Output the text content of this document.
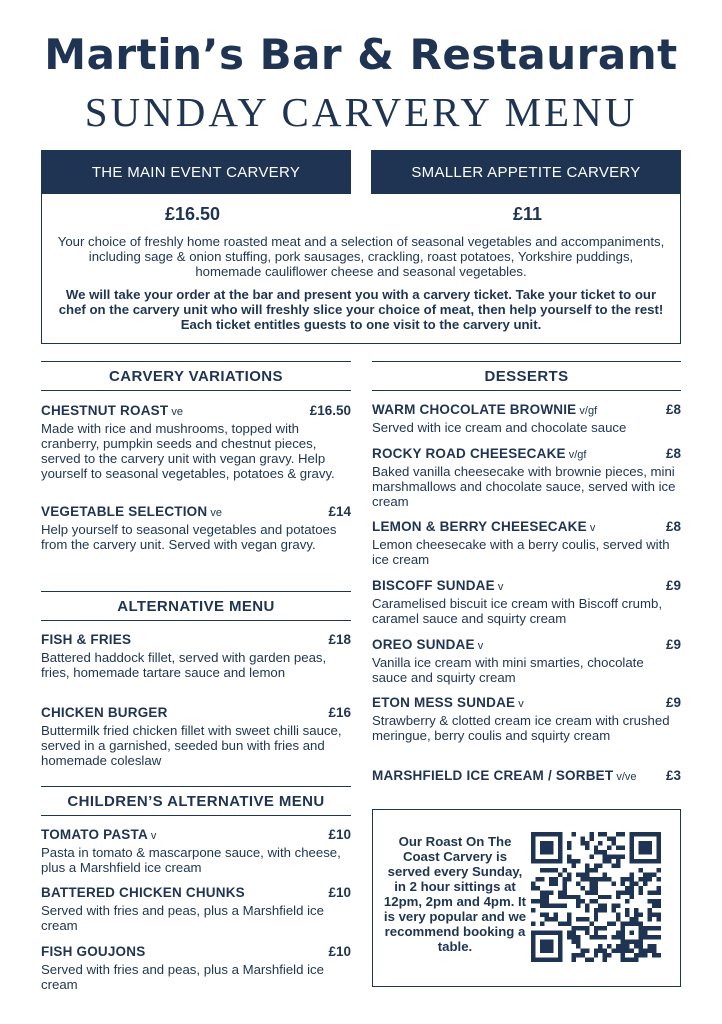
Martin’s Bar & Restaurant
SUNDAY CARVERY MENU
THE MAIN EVENT CARVERY	SMALLER APPETITE CARVERY
£16.50	£11
Your choice of freshly home roasted meat and a selection of seasonal vegetables and accompaniments, including sage & onion stuffing, pork sausages, crackling, roast potatoes, Yorkshire puddings, homemade cauliflower cheese and seasonal vegetables.
We will take your order at the bar and present you with a carvery ticket. Take your ticket to our chef on the carvery unit who will freshly slice your choice of meat, then help yourself to the rest! Each ticket entitles guests to one visit to the carvery unit.
CARVERY VARIATIONS
CHESTNUT ROAST ve	£16.50
Made with rice and mushrooms, topped with cranberry, pumpkin seeds and chestnut pieces, served to the carvery unit with vegan gravy. Help yourself to seasonal vegetables, potatoes & gravy.
VEGETABLE SELECTION ve	£14
Help yourself to seasonal vegetables and potatoes from the carvery unit. Served with vegan gravy.
ALTERNATIVE MENU
FISH & FRIES	£18
Battered haddock fillet, served with garden peas, fries, homemade tartare sauce and lemon
CHICKEN BURGER	£16
Buttermilk fried chicken fillet with sweet chilli sauce, served in a garnished, seeded bun with fries and homemade coleslaw
CHILDREN’S ALTERNATIVE MENU
TOMATO PASTA v	£10
Pasta in tomato & mascarpone sauce, with cheese, plus a Marshfield ice cream
BATTERED CHICKEN CHUNKS	£10
Served with fries and peas, plus a Marshfield ice cream
FISH GOUJONS	£10
Served with fries and peas, plus a Marshfield ice cream
DESSERTS
WARM CHOCOLATE BROWNIE v/gf	£8
Served with ice cream and chocolate sauce
ROCKY ROAD CHEESECAKE v/gf	£8
Baked vanilla cheesecake with brownie pieces, mini marshmallows and chocolate sauce, served with ice cream
LEMON & BERRY CHEESECAKE v	£8
Lemon cheesecake with a berry coulis, served with ice cream
BISCOFF SUNDAE v	£9
Caramelised biscuit ice cream with Biscoff crumb, caramel sauce and squirty cream
OREO SUNDAE v	£9
Vanilla ice cream with mini smarties, chocolate sauce and squirty cream
ETON MESS SUNDAE v	£9
Strawberry & clotted cream ice cream with crushed meringue, berry coulis and squirty cream
MARSHFIELD ICE CREAM / SORBET v/ve £3
Our Roast On The Coast Carvery is served every Sunday, in 2 hour sittings at 12pm, 2pm and 4pm. It is very popular and we recommend booking a table.
